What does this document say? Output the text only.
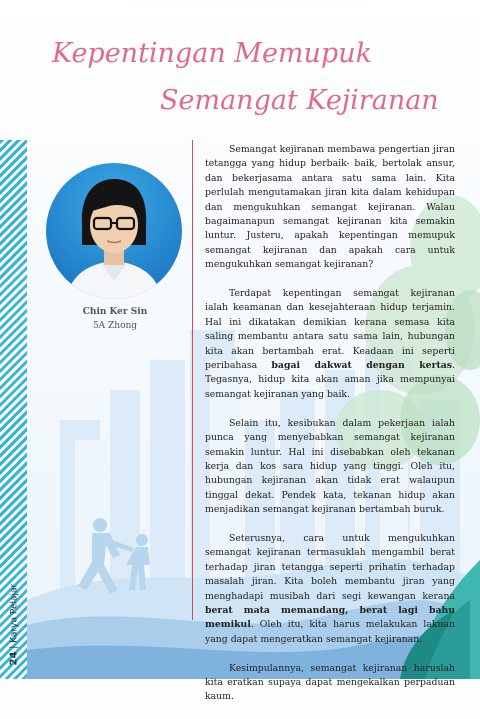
24 | Karya Pelajar
Kepentingan Memupuk
Semangat Kejiranan
Chin Ker Sin
5A Zhong

Semangat kejiranan membawa pengertian jiran tetangga yang hidup berbaik- baik, bertolak ansur, dan bekerjasama antara satu sama lain. Kita perlulah mengutamakan jiran kita dalam kehidupan dan mengukuhkan semangat kejiranan. Walau bagaimanapun semangat kejiranan kita semakin luntur. Justeru, apakah kepentingan memupuk semangat kejiranan dan apakah cara untuk mengukuhkan semangat kejiranan?

Terdapat kepentingan semangat kejiranan ialah keamanan dan kesejahteraan hidup terjamin. Hal ini dikatakan demikian kerana semasa kita saling membantu antara satu sama lain, hubungan kita akan bertambah erat. Keadaan ini seperti peribahasa bagai dakwat dengan kertas. Tegasnya, hidup kita akan aman jika mempunyai semangat kejiranan yang baik.

Selain itu, kesibukan dalam pekerjaan ialah punca yang menyebabkan semangat kejiranan semakin luntur. Hal ini disebabkan oleh tekanan kerja dan kos sara hidup yang tinggi. Oleh itu, hubungan kejiranan akan tidak erat walaupun tinggal dekat. Pendek kata, tekanan hidup akan menjadikan semangat kejiranan bertambah buruk.

Seterusnya, cara untuk mengukuhkan semangat kejiranan termasuklah mengambil berat terhadap jiran tetangga seperti prihatin terhadap masalah jiran. Kita boleh membantu jiran yang menghadapi musibah dari segi kewangan kerana berat mata memandang, berat lagi bahu memikul. Oleh itu, kita harus melakukan lakuan yang dapat mengeratkan semangat kejiranan.

Kesimpulannya, semangat kejiranan haruslah kita eratkan supaya dapat mengekalkan perpaduan kaum.
